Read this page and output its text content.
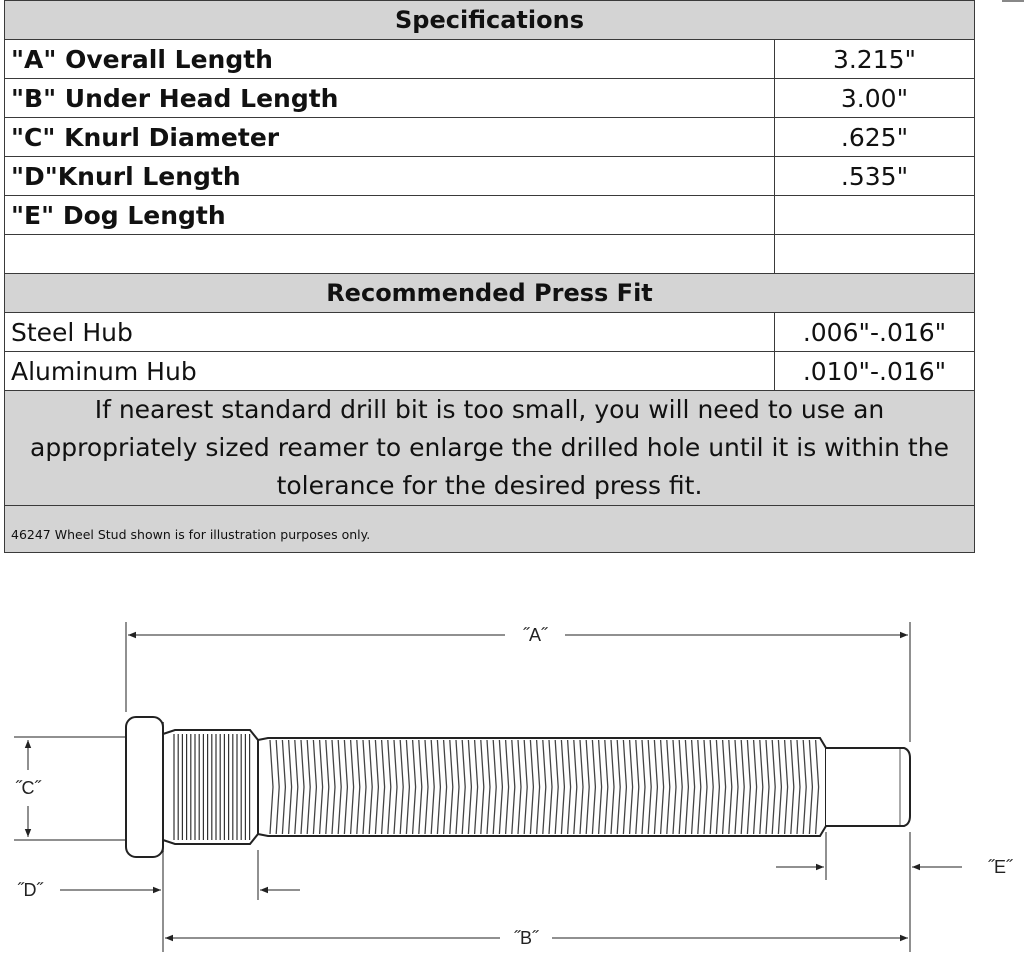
Specifications	
"A" Overall Length	3.215"
"B" Under Head Length	3.00"
"C" Knurl Diameter	.625"
"D"Knurl Length	.535"
"E" Dog Length	

Recommended Press Fit	
Steel Hub	.006"-.016"
Aluminum Hub	.010"-.016"

If nearest standard drill bit is too small, you will need to use an
appropriately sized reamer to enlarge the drilled hole until it is within the
tolerance for the desired press fit.	

46247 Wheel Stud shown is for illustration purposes only.	
˝A˝
˝B˝
˝C˝
˝D˝
˝E˝
